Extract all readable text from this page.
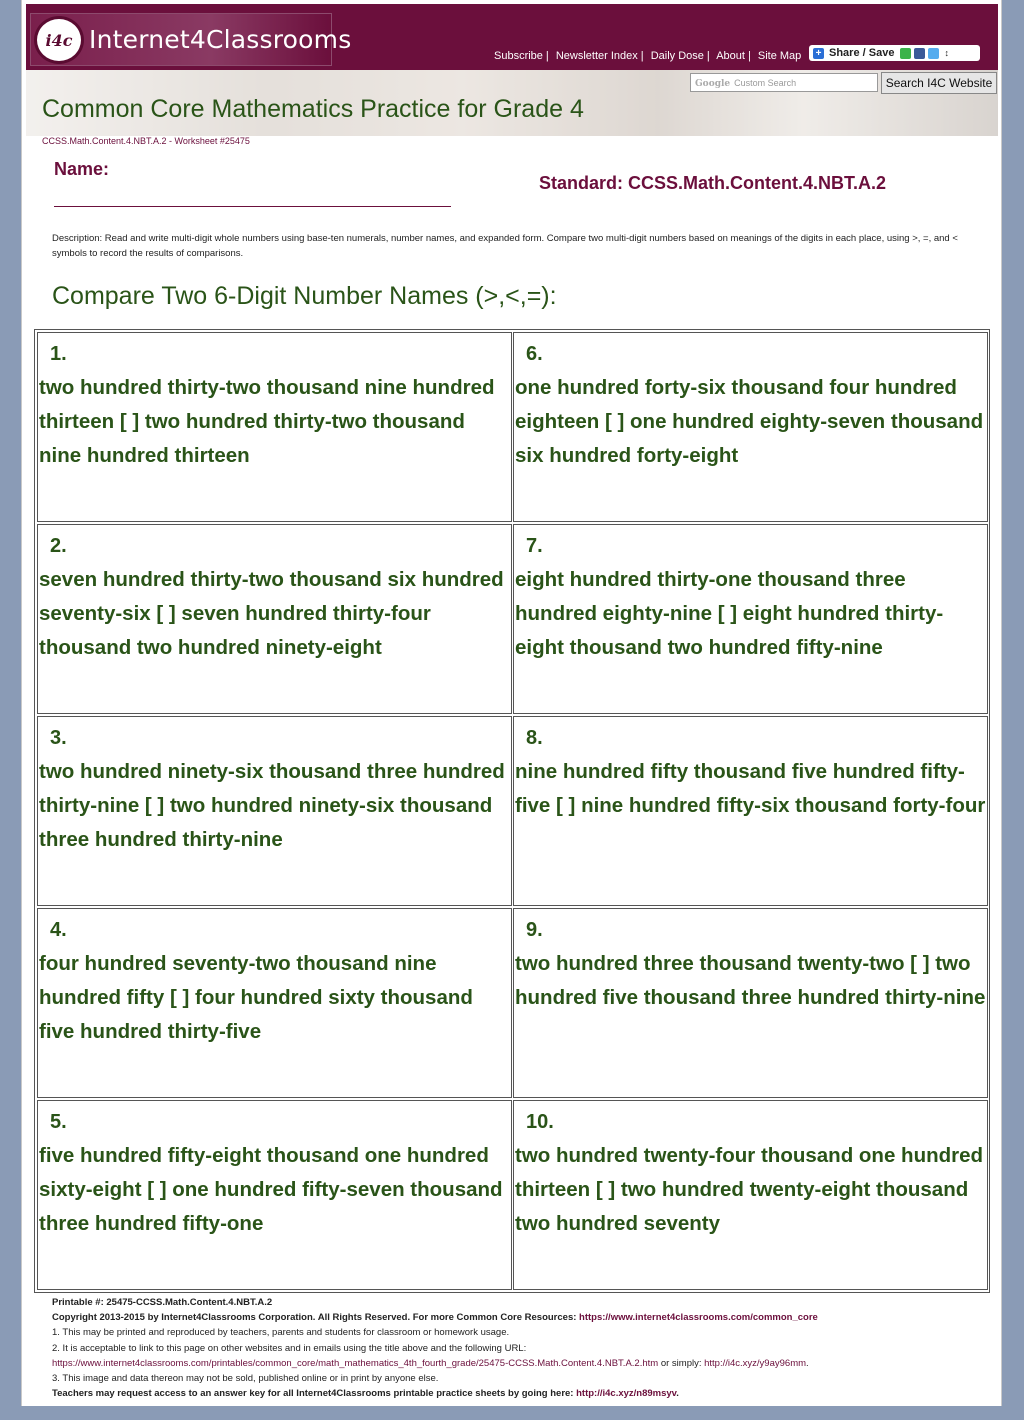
i4c Internet4Classrooms
Subscribe | Newsletter Index | Daily Dose | About | Site Map + Share / Save	↕
Google Custom Search	Search I4C Website
Common Core Mathematics Practice for Grade 4
CCSS.Math.Content.4.NBT.A.2 - Worksheet #25475
Name:
Standard: CCSS.Math.Content.4.NBT.A.2
Description: Read and write multi-digit whole numbers using base-ten numerals, number names, and expanded form. Compare two multi-digit numbers based on meanings of the digits in each place, using >, =, and < symbols to record the results of comparisons.
Compare Two 6-Digit Number Names (>,<,=):
1.
two hundred thirty-two thousand nine hundred thirteen [ ] two hundred thirty-two thousand nine hundred thirteen
2.
seven hundred thirty-two thousand six hundred seventy-six [ ] seven hundred thirty-four thousand two hundred ninety-eight
3.
two hundred ninety-six thousand three hundred thirty-nine [ ] two hundred ninety-six thousand three hundred thirty-nine
4.
four hundred seventy-two thousand nine hundred fifty [ ] four hundred sixty thousand five hundred thirty-five
5.
five hundred fifty-eight thousand one hundred sixty-eight [ ] one hundred fifty-seven thousand three hundred fifty-one
6.
one hundred forty-six thousand four hundred eighteen [ ] one hundred eighty-seven thousand six hundred forty-eight
7.
eight hundred thirty-one thousand three hundred eighty-nine [ ] eight hundred thirty-eight thousand two hundred fifty-nine
8.
nine hundred fifty thousand five hundred fifty-five [ ] nine hundred fifty-six thousand forty-four
9.
two hundred three thousand twenty-two [ ] two hundred five thousand three hundred thirty-nine
10.
two hundred twenty-four thousand one hundred thirteen [ ] two hundred twenty-eight thousand two hundred seventy
Printable #: 25475-CCSS.Math.Content.4.NBT.A.2
Copyright 2013-2015 by Internet4Classrooms Corporation. All Rights Reserved. For more Common Core Resources: https://www.internet4classrooms.com/common_core
1. This may be printed and reproduced by teachers, parents and students for classroom or homework usage.
2. It is acceptable to link to this page on other websites and in emails using the title above and the following URL:
https://www.internet4classrooms.com/printables/common_core/math_mathematics_4th_fourth_grade/25475-CCSS.Math.Content.4.NBT.A.2.htm or simply: http://i4c.xyz/y9ay96mm.
3. This image and data thereon may not be sold, published online or in print by anyone else.
Teachers may request access to an answer key for all Internet4Classrooms printable practice sheets by going here: http://i4c.xyz/n89msyv.
